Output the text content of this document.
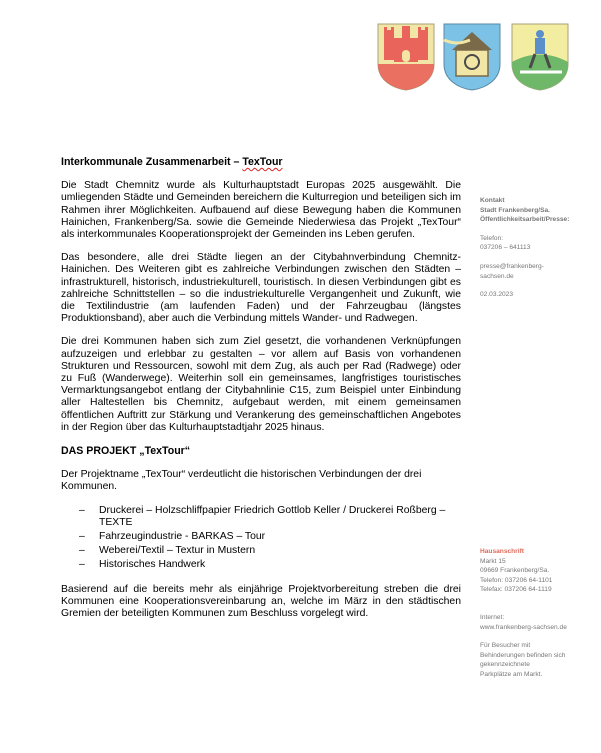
Interkommunale Zusammenarbeit – TexTour

Die Stadt Chemnitz wurde als Kulturhauptstadt Europas 2025 ausgewählt. Die umliegenden Städte und Gemeinden bereichern die Kulturregion und beteiligen sich im Rahmen ihrer Möglichkeiten. Aufbauend auf diese Bewegung haben die Kommunen Hainichen, Frankenberg/Sa. sowie die Gemeinde Niederwiesa das Projekt „TexTour“ als interkommunales Kooperationsprojekt der Gemeinden ins Leben gerufen.

Das besondere, alle drei Städte liegen an der Citybahnverbindung Chemnitz-Hainichen. Des Weiteren gibt es zahlreiche Verbindungen zwischen den Städten – infrastrukturell, historisch, industriekulturell, touristisch. In diesen Verbindungen gibt es zahlreiche Schnittstellen – so die industriekulturelle Vergangenheit und Zukunft, wie die Textilindustrie (am laufenden Faden) und der Fahrzeugbau (längstes Produktionsband), aber auch die Verbindung mittels Wander- und Radwegen.

Die drei Kommunen haben sich zum Ziel gesetzt, die vorhandenen Verknüpfungen aufzuzeigen und erlebbar zu gestalten – vor allem auf Basis von vorhandenen Strukturen und Ressourcen, sowohl mit dem Zug, als auch per Rad (Radwege) oder zu Fuß (Wanderwege). Weiterhin soll ein gemeinsames, langfristiges touristisches Vermarktungsangebot entlang der Citybahnlinie C15, zum Beispiel unter Einbindung aller Haltestellen bis Chemnitz, aufgebaut werden, mit einem gemeinsamen öffentlichen Auftritt zur Stärkung und Verankerung des gemeinschaftlichen Angebotes in der Region über das Kulturhauptstadtjahr 2025 hinaus.

DAS PROJEKT „TexTour“

Der Projektname „TexTour“ verdeutlicht die historischen Verbindungen der drei Kommunen.

– Druckerei – Holzschliffpapier Friedrich Gottlob Keller / Druckerei Roßberg – TEXTE
– Fahrzeugindustrie - BARKAS – Tour
– Weberei/Textil – Textur in Mustern
– Historisches Handwerk

Basierend auf die bereits mehr als einjährige Projektvorbereitung streben die drei Kommunen eine Kooperationsvereinbarung an, welche im März in den städtischen Gremien der beteiligten Kommunen zum Beschluss vorgelegt wird.

Kontakt
Stadt Frankenberg/Sa.
Öffentlichkeitsarbeit/Presse:
Telefon:
037206 – 641113
presse@frankenberg-
sachsen.de
02.03.2023
Hausanschrift
Markt 15
09669 Frankenberg/Sa.
Telefon: 037206 64-1101
Telefax: 037206 64-1119
Internet:
www.frankenberg-sachsen.de
Für Besucher mit
Behinderungen befinden sich
gekennzeichnete
Parkplätze am Markt.
